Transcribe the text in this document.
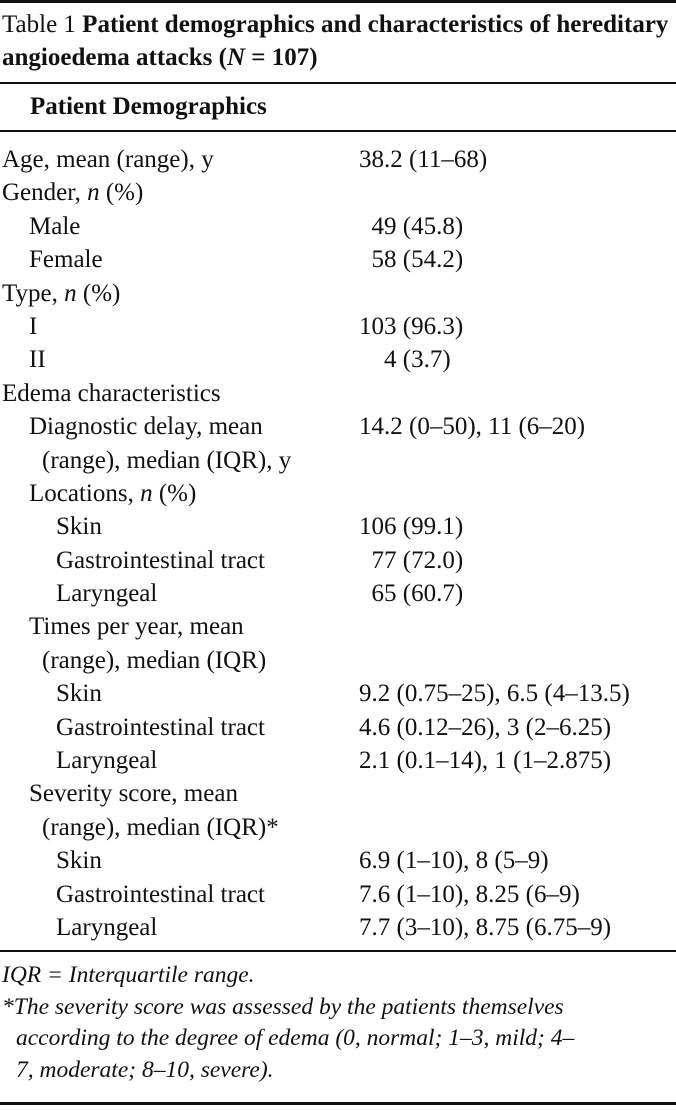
Table 1 Patient demographics and characteristics of hereditary angioedema attacks (N = 107)
Patient Demographics
Age, mean (range), y	38.2 (11–68)
Gender, n (%)
Male	49 (45.8)
Female	58 (54.2)
Type, n (%)
I	103 (96.3)
II	4 (3.7)
Edema characteristics
Diagnostic delay, mean	14.2 (0–50), 11 (6–20)
(range), median (IQR), y
Locations, n (%)
Skin	106 (99.1)
Gastrointestinal tract	77 (72.0)
Laryngeal	65 (60.7)
Times per year, mean
(range), median (IQR)
Skin	9.2 (0.75–25), 6.5 (4–13.5)
Gastrointestinal tract	4.6 (0.12–26), 3 (2–6.25)
Laryngeal	2.1 (0.1–14), 1 (1–2.875)
Severity score, mean
(range), median (IQR)*
Skin	6.9 (1–10), 8 (5–9)
Gastrointestinal tract	7.6 (1–10), 8.25 (6–9)
Laryngeal	7.7 (3–10), 8.75 (6.75–9)
IQR = Interquartile range.
*The severity score was assessed by the patients themselves
according to the degree of edema (0, normal; 1–3, mild; 4–
7, moderate; 8–10, severe).
